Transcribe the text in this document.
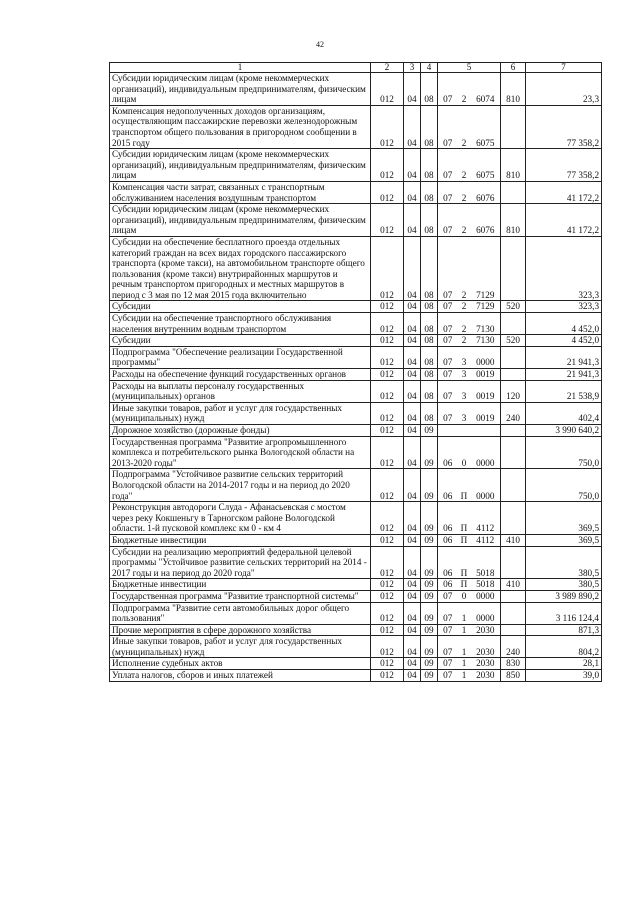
42
1	2	3	4	5			6	7
Субсидии юридическим лицам (кроме некоммерческих организаций), индивидуальным предпринимателям, физическим лицам	012	04	08	07	2	6074	810	23,3
Компенсация недополученных доходов организациям, осуществляющим пассажирские перевозки железнодорожным транспортом общего пользования в пригородном сообщении в 2015 году	012	04	08	07	2	6075		77 358,2
Субсидии юридическим лицам (кроме некоммерческих организаций), индивидуальным предпринимателям, физическим лицам	012	04	08	07	2	6075	810	77 358,2
Компенсация части затрат, связанных с транспортным обслуживанием населения воздушным транспортом	012	04	08	07	2	6076		41 172,2
Субсидии юридическим лицам (кроме некоммерческих организаций), индивидуальным предпринимателям, физическим лицам	012	04	08	07	2	6076	810	41 172,2
Субсидии на обеспечение бесплатного проезда отдельных категорий граждан на всех видах городского пассажирского транспорта (кроме такси), на автомобильном транспорте общего пользования (кроме такси) внутрирайонных маршрутов и речным транспортом пригородных и местных маршрутов в период с 3 мая по 12 мая 2015 года включительно	012	04	08	07	2	7129		323,3
Субсидии	012	04	08	07	2	7129	520	323,3
Субсидии на обеспечение транспортного обслуживания населения внутренним водным транспортом	012	04	08	07	2	7130		4 452,0
Субсидии	012	04	08	07	2	7130	520	4 452,0
Подпрограмма "Обеспечение реализации Государственной программы"	012	04	08	07	3	0000		21 941,3
Расходы на обеспечение функций государственных органов	012	04	08	07	3	0019		21 941,3
Расходы на выплаты персоналу государственных (муниципальных) органов	012	04	08	07	3	0019	120	21 538,9
Иные закупки товаров, работ и услуг для государственных (муниципальных) нужд	012	04	08	07	3	0019	240	402,4
Дорожное хозяйство (дорожные фонды)	012	04	09					3 990 640,2
Государственная программа "Развитие агропромышленного комплекса и потребительского рынка Вологодской области на 2013-2020 годы"	012	04	09	06	0	0000		750,0
Подпрограмма "Устойчивое развитие сельских территорий Вологодской области на 2014-2017 годы и на период до 2020 года"	012	04	09	06	П	0000		750,0
Реконструкция автодороги Слуда - Афанасьевская с мостом через реку Кокшеньгу в Тарногском районе Вологодской области. 1-й пусковой комплекс км 0 - км 4	012	04	09	06	П	4112		369,5
Бюджетные инвестиции	012	04	09	06	П	4112	410	369,5
Субсидии на реализацию мероприятий федеральной целевой программы "Устойчивое развитие сельских территорий на 2014 - 2017 годы и на период до 2020 года"	012	04	09	06	П	5018		380,5
Бюджетные инвестиции	012	04	09	06	П	5018	410	380,5
Государственная программа "Развитие транспортной системы"	012	04	09	07	0	0000		3 989 890,2
Подпрограмма "Развитие сети автомобильных дорог общего пользования"	012	04	09	07	1	0000		3 116 124,4
Прочие мероприятия в сфере дорожного хозяйства	012	04	09	07	1	2030		871,3
Иные закупки товаров, работ и услуг для государственных (муниципальных) нужд	012	04	09	07	1	2030	240	804,2
Исполнение судебных актов	012	04	09	07	1	2030	830	28,1
Уплата налогов, сборов и иных платежей	012	04	09	07	1	2030	850	39,0
